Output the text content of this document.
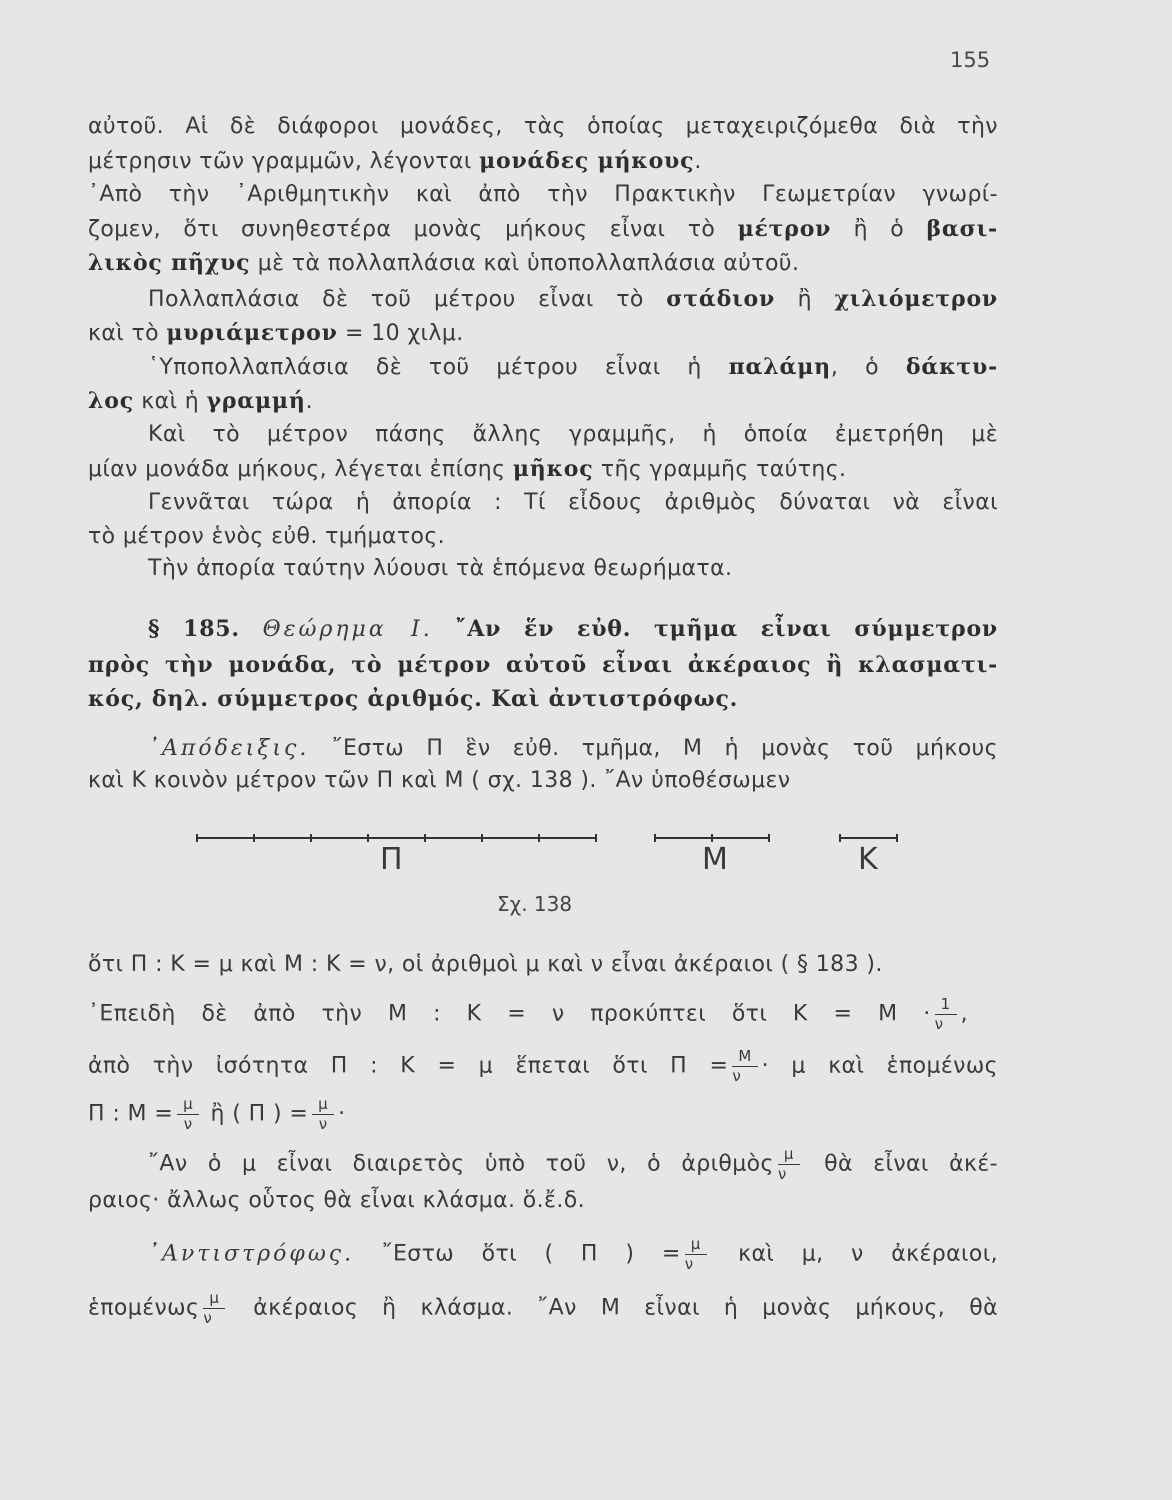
155
αὐτοῦ. Αἱ δὲ διάφοροι μονάδες, τὰς ὁποίας μεταχειριζόμεθα διὰ τὴν
μέτρησιν τῶν γραμμῶν, λέγονται μονάδες μήκους.
᾿Απὸ τὴν ᾿Αριθμητικὴν καὶ ἀπὸ τὴν Πρακτικὴν Γεωμετρίαν γνωρί-
ζομεν, ὅτι συνηθεστέρα μονὰς μήκους εἶναι τὸ μέτρον ἢ ὁ βασι-
λικὸς πῆχυς μὲ τὰ πολλαπλάσια καὶ ὑποπολλαπλάσια αὐτοῦ.
Πολλαπλάσια δὲ τοῦ μέτρου εἶναι τὸ στάδιον ἢ χιλιόμετρον
καὶ τὸ μυριάμετρον = 10 χιλμ.
῾Υποπολλαπλάσια δὲ τοῦ μέτρου εἶναι ἡ παλάμη, ὁ δάκτυ-
λος καὶ ἡ γραμμή.
Καὶ τὸ μέτρον πάσης ἄλλης γραμμῆς, ἡ ὁποία ἐμετρήθη μὲ
μίαν μονάδα μήκους, λέγεται ἐπίσης μῆκος τῆς γραμμῆς ταύτης.
Γεννᾶται τώρα ἡ ἀπορία : Τί εἶδους ἀριθμὸς δύναται νὰ εἶναι
τὸ μέτρον ἑνὸς εὐθ. τμήματος.
Τὴν ἀπορία ταύτην λύουσι τὰ ἑπόμενα θεωρήματα.
§ 185. Θεώρημα Ι. ῎Αν ἕν εὐθ. τμῆμα εἶναι σύμμετρον
πρὸς τὴν μονάδα, τὸ μέτρον αὐτοῦ εἶναι ἀκέραιος ἢ κλασματι-
κός, δηλ. σύμμετρος ἀριθμός. Καὶ ἀντιστρόφως.
᾿Απόδειξις. ῎Εστω Π ἓν εὐθ. τμῆμα, Μ ἡ μονὰς τοῦ μήκους
καὶ Κ κοινὸν μέτρον τῶν Π καὶ Μ ( σχ. 138 ). ῎Αν ὑποθέσωμεν
Π	Μ	Κ
Σχ. 138
ὅτι Π : Κ = μ καὶ Μ : Κ = ν, οἱ ἀριθμοὶ μ καὶ ν εἶναι ἀκέραιοι ( § 183 ).
᾿Επειδὴ δὲ ἀπὸ τὴν Μ : Κ = ν προκύπτει ὅτι $K = M \cdot \frac{1}{\nu}$ ,
ἀπὸ τὴν ἰσότητα Π : Κ = μ ἕπεται ὅτι $\Pi = \frac{M}{\nu} \cdot \mu$ καὶ ἑπομένως
Π : $M = \frac{\mu}{\nu}$ ἢ ( Π ) = $\frac{\mu}{\nu}$ ·
῎Αν ὁ μ εἶναι διαιρετὸς ὑπὸ τοῦ ν, ὁ ἀριθμὸς $\frac{\mu}{\nu}$ θὰ εἶναι ἀκέ-
ραιος· ἄλλως οὗτος θὰ εἶναι κλάσμα. ὅ.ἔ.δ.
᾿Αντιστρόφως. ῎Εστω ὅτι ( Π ) = $\frac{\mu}{\nu}$ καὶ μ, ν ἀκέραιοι,
ἑπομένως $\frac{\mu}{\nu}$ ἀκέραιος ἢ κλάσμα. ῎Αν Μ εἶναι ἡ μονὰς μήκους, θὰ
